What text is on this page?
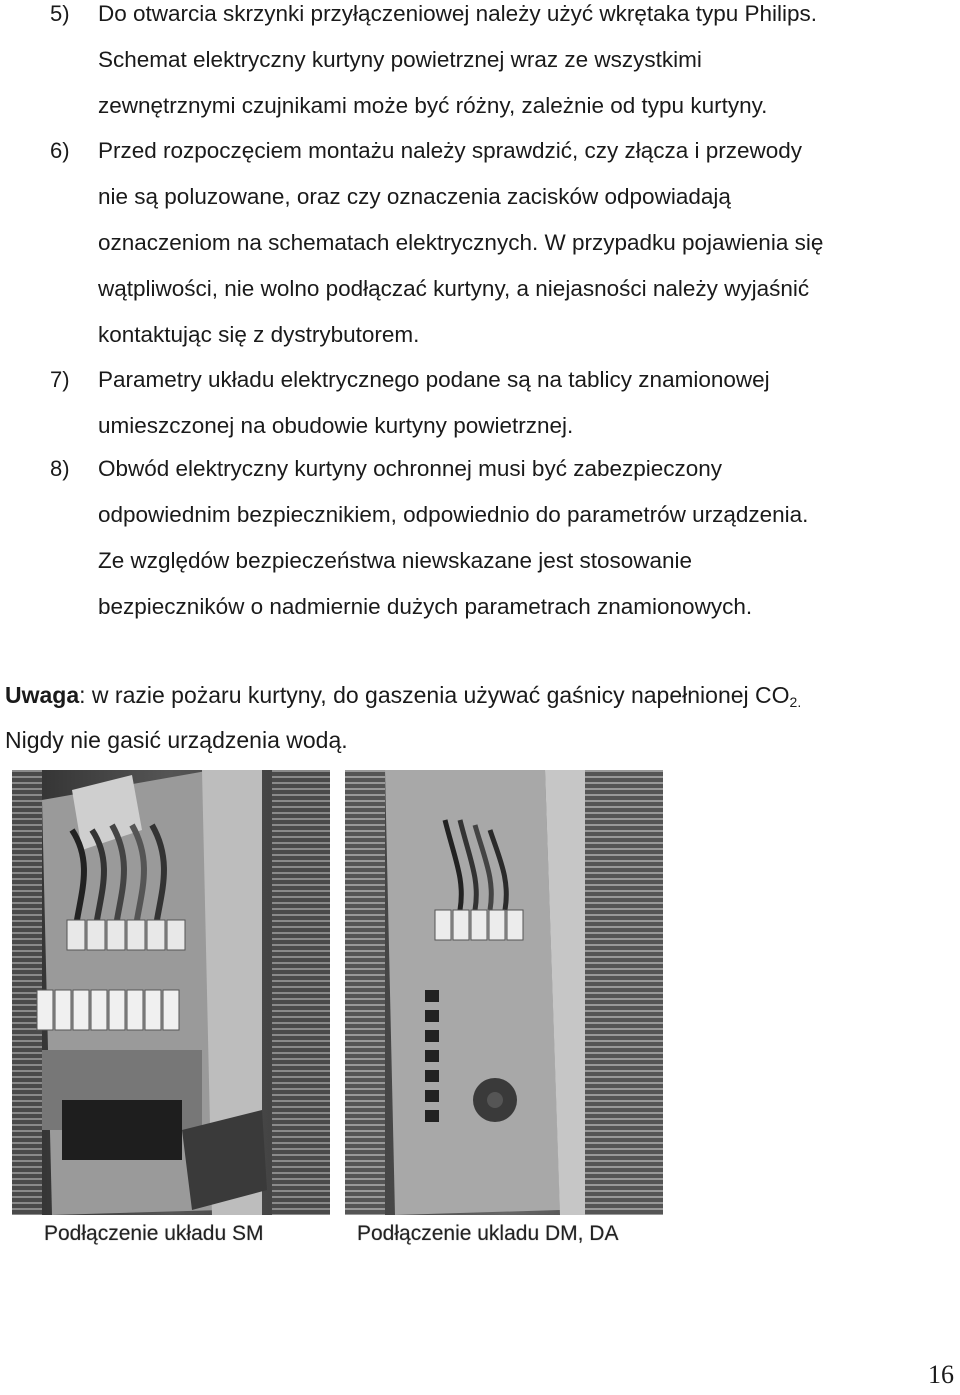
5) Do otwarcia skrzynki przyłączeniowej należy użyć wkrętaka typu Philips.
Schemat elektryczny kurtyny powietrznej wraz ze wszystkimi
zewnętrznymi czujnikami może być różny, zależnie od typu kurtyny.
6) Przed rozpoczęciem montażu należy sprawdzić, czy złącza i przewody
nie są poluzowane, oraz czy oznaczenia zacisków odpowiadają
oznaczeniom na schematach elektrycznych. W przypadku pojawienia się
wątpliwości, nie wolno podłączać kurtyny, a niejasności należy wyjaśnić
kontaktując się z dystrybutorem.
7) Parametry układu elektrycznego podane są na tablicy znamionowej
umieszczonej na obudowie kurtyny powietrznej.
8) Obwód elektryczny kurtyny ochronnej musi być zabezpieczony
odpowiednim bezpiecznikiem, odpowiednio do parametrów urządzenia.
Ze względów bezpieczeństwa niewskazane jest stosowanie
bezpieczników o nadmiernie dużych parametrach znamionowych.
Uwaga: w razie pożaru kurtyny, do gaszenia używać gaśnicy napełnionej $CO_{2.}$
Nigdy nie gasić urządzenia wodą.
Podłączenie układu SM	Podłączenie ukladu DM, DA
16
